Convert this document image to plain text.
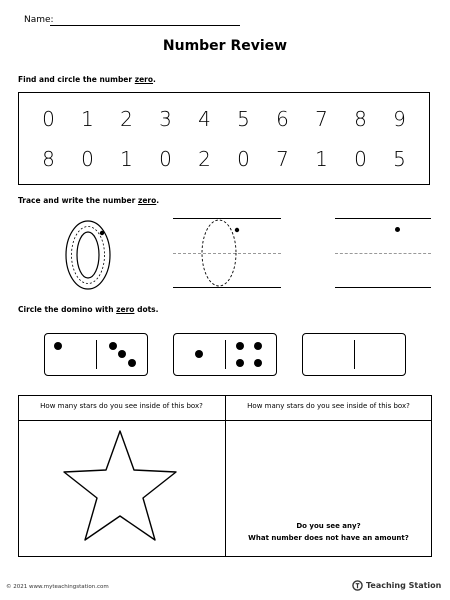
Name:
Number Review
Find and circle the number zero.
0	1	2	3	4	5	6	7	8	9
8	0	1	0	2	0	7	1	0	5
Trace and write the number zero.
Circle the domino with zero dots.
How many stars do you see inside of this box?	How many stars do you see inside of this box?
Do you see any?
What number does not have an amount?
© 2021 www.myteachingstation.com	Teaching Station
